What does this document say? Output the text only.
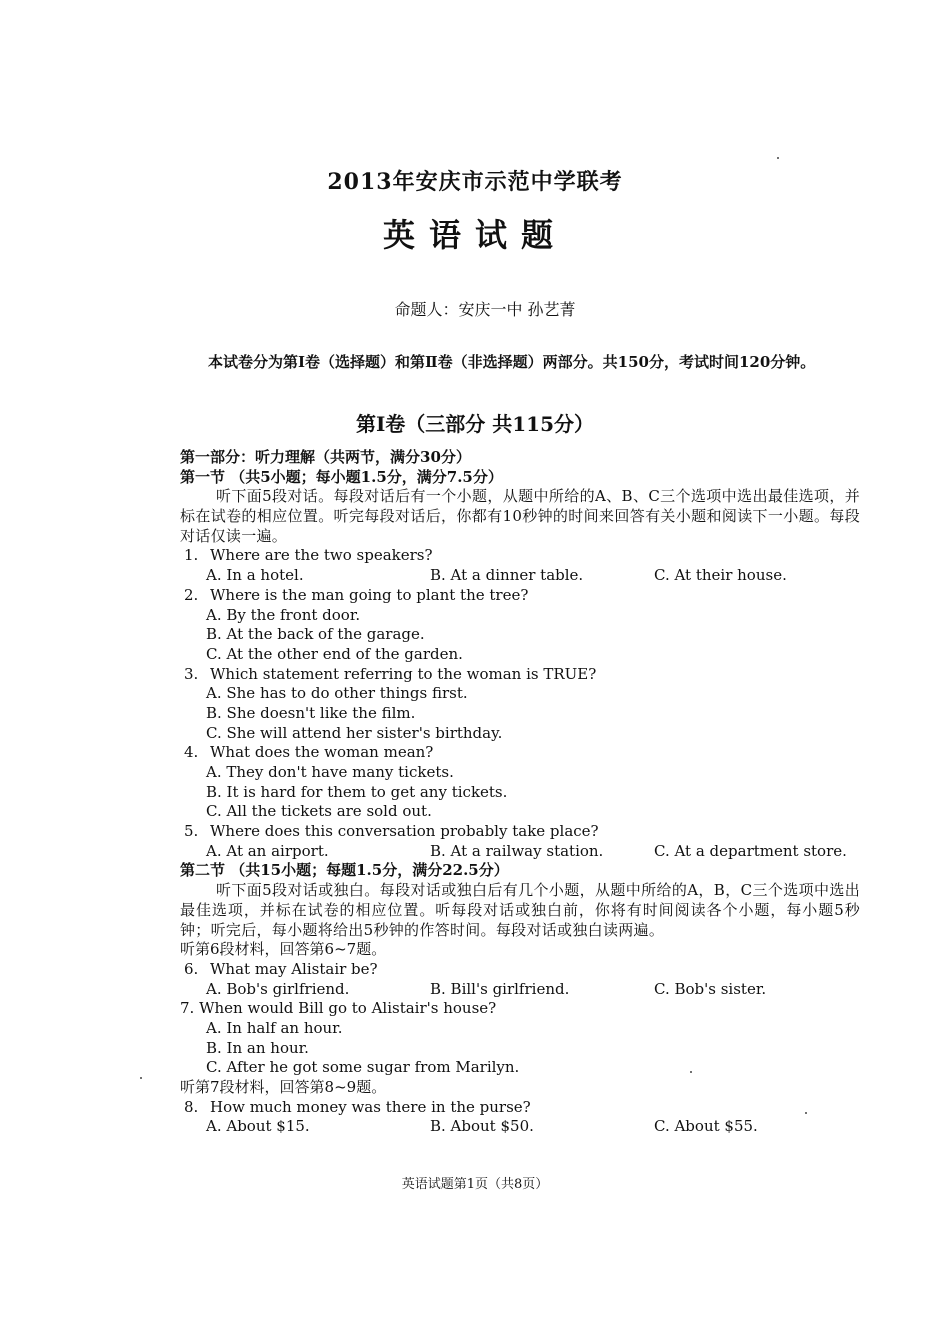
2013年安庆市示范中学联考
英语试题
命题人：安庆一中 孙艺菁
本试卷分为第Ⅰ卷（选择题）和第Ⅱ卷（非选择题）两部分。共150分，考试时间120分钟。
第Ⅰ卷（三部分 共115分）
第一部分：听力理解（共两节，满分30分）
第一节 （共5小题；每小题1.5分，满分7.5分）
听下面5段对话。每段对话后有一个小题，从题中所给的A、B、C三个选项中选出最佳选项，并标在试卷的相应位置。听完每段对话后，你都有10秒钟的时间来回答有关小题和阅读下一小题。每段对话仅读一遍。
1. Where are the two speakers?
A. In a hotel.	B. At a dinner table.	C. At their house.
2. Where is the man going to plant the tree?
A. By the front door.
B. At the back of the garage.
C. At the other end of the garden.
3. Which statement referring to the woman is TRUE?
A. She has to do other things first.
B. She doesn't like the film.
C. She will attend her sister's birthday.
4. What does the woman mean?
A. They don't have many tickets.
B. It is hard for them to get any tickets.
C. All the tickets are sold out.
5. Where does this conversation probably take place?
A. At an airport.	B. At a railway station.	C. At a department store.
第二节 （共15小题；每题1.5分，满分22.5分）
听下面5段对话或独白。每段对话或独白后有几个小题，从题中所给的A，B，C三个选项中选出最佳选项，并标在试卷的相应位置。听每段对话或独白前，你将有时间阅读各个小题，每小题5秒钟；听完后，每小题将给出5秒钟的作答时间。每段对话或独白读两遍。
听第6段材料，回答第6~7题。
6. What may Alistair be?
A. Bob's girlfriend.	B. Bill's girlfriend.	C. Bob's sister.
7. When would Bill go to Alistair's house?
A. In half an hour.
B. In an hour.
C. After he got some sugar from Marilyn.
听第7段材料，回答第8~9题。
8. How much money was there in the purse?
A. About $15.	B. About $50.	C. About $55.
英语试题第1页（共8页）
